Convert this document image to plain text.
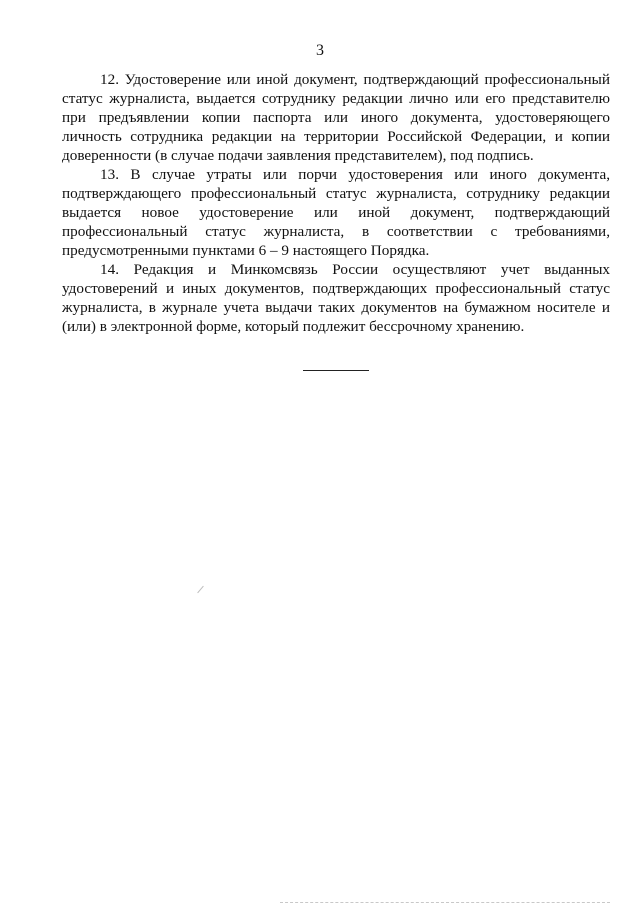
3

12. Удостоверение или иной документ, подтверждающий профессиональный статус журналиста, выдается сотруднику редакции лично или его представителю при предъявлении копии паспорта или иного документа, удостоверяющего личность сотрудника редакции на территории Российской Федерации, и копии доверенности (в случае подачи заявления представителем), под подпись.

13. В случае утраты или порчи удостоверения или иного документа, подтверждающего профессиональный статус журналиста, сотруднику редакции выдается новое удостоверение или иной документ, подтверждающий профессиональный статус журналиста, в соответствии с требованиями, предусмотренными пунктами 6 – 9 настоящего Порядка.

14. Редакция и Минкомсвязь России осуществляют учет выданных удостоверений и иных документов, подтверждающих профессиональный статус журналиста, в журнале учета выдачи таких документов на бумажном носителе и (или) в электронной форме, который подлежит бессрочному хранению.
